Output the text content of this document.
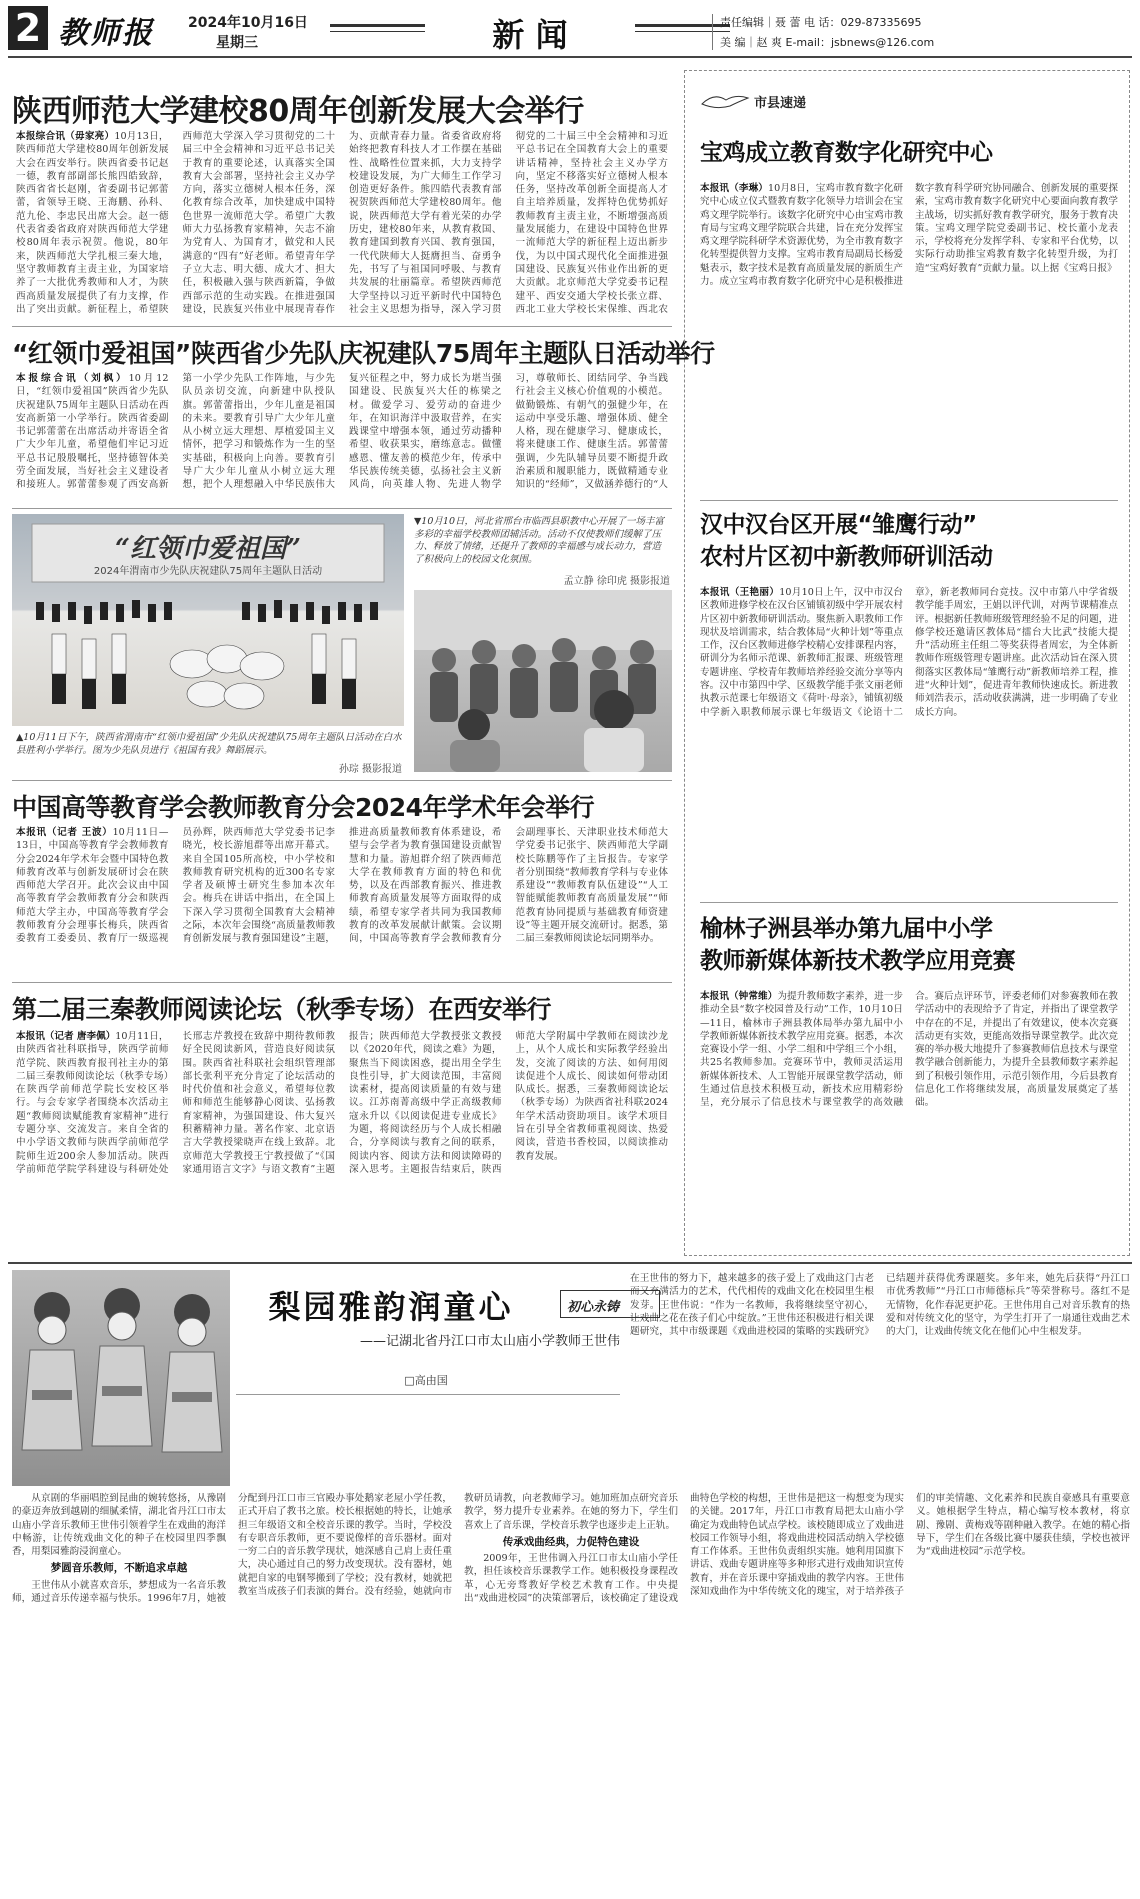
2 教师报 2024年10月16日
星期三	新 闻	责任编辑｜聂 蕾 电 话：029-87335695
美 编｜赵 爽 E-mail：jsbnews@126.com
陕西师范大学建校80周年创新发展大会举行
本报综合讯（毋家亮）10月13日，陕西师范大学建校80周年创新发展大会在西安举行。陕西省委书记赵一德，教育部副部长熊四皓致辞，陕西省省长赵刚，省委副书记郭蕾蕾，省领导王晓、王海鹏、孙科、范九伦、李忠民出席大会。赵一德代表省委省政府对陕西师范大学建校80周年表示祝贺。他说，80年来，陕西师范大学扎根三秦大地，坚守教师教育主责主业，为国家培养了一大批优秀教师和人才，为陕西高质量发展提供了有力支撑，作出了突出贡献。新征程上，希望陕西师范大学深入学习贯彻党的二十届三中全会精神和习近平总书记关于教育的重要论述，认真落实全国教育大会部署，坚持社会主义办学方向，落实立德树人根本任务，深化教育综合改革，加快建成中国特色世界一流师范大学。希望广大教师大力弘扬教育家精神，矢志不渝为党育人、为国育才，做党和人民满意的“四有”好老师。希望青年学子立大志、明大德、成大才、担大任，积极融入强与陕西新篇，争做西部示范的生动实践。在推进强国建设，民族复兴伟业中展现青春作为、贡献青春力量。省委省政府将始终把教育科技人才工作摆在基础性、战略性位置来抓，大力支持学校建设发展，为广大师生工作学习创造更好条件。熊四皓代表教育部祝贺陕西师范大学建校80周年。他说，陕西师范大学有着光荣的办学历史，建校80年来，从教育救国、教育建国到教育兴国、教育强国，一代代陕师大人挺膺担当、奋勇争先，书写了与祖国同呼吸、与教育共发展的壮丽篇章。希望陕西师范大学坚持以习近平新时代中国特色社会主义思想为指导，深入学习贯彻党的二十届三中全会精神和习近平总书记在全国教育大会上的重要讲话精神，坚持社会主义办学方向，坚定不移落实好立德树人根本任务，坚持改革创新全面提高人才自主培养质量，发挥特色优势抓好教师教育主责主业，不断增强高质量发展能力，在建设中国特色世界一流师范大学的新征程上迈出新步伐，为以中国式现代化全面推进强国建设、民族复兴伟业作出新的更大贡献。北京师范大学党委书记程建平、西安交通大学校长张立群、西北工业大学校长宋保维、西北农
“红领巾爱祖国”陕西省少先队庆祝建队75周年主题队日活动举行
本报综合讯（刘枫）10月12日，“红领巾爱祖国”陕西省少先队庆祝建队75周年主题队日活动在西安高新第一小学举行。陕西省委副书记郭蕾蕾在出席活动并寄语全省广大少年儿童，希望他们牢记习近平总书记殷殷嘱托，坚持德智体美劳全面发展，当好社会主义建设者和接班人。郭蕾蕾参观了西安高新第一小学少先队工作阵地，与少先队员亲切交流，向新建中队授队旗。郭蕾蕾指出，少年儿童是祖国的未来。要教育引导广大少年儿童从小树立远大理想、厚植爱国主义情怀，把学习和锻炼作为一生的坚实基础，积极向上向善。要教育引导广大少年儿童从小树立远大理想，把个人理想融入中华民族伟大复兴征程之中，努力成长为堪当强国建设、民族复兴大任的栋梁之材。做爱学习、爱劳动的奋进少年，在知识海洋中汲取营养，在实践课堂中增强本领，通过劳动播种希望、收获果实，磨练意志。做懂感恩、懂友善的模范少年，传承中华民族传统美德，弘扬社会主义新风尚，向英雄人物、先进人物学习，尊敬师长、团结同学、争当践行社会主义核心价值观的小模范。做勤锻炼、有朝气的强健少年，在运动中享受乐趣、增强体质、健全人格，现在健康学习、健康成长，将来健康工作、健康生活。郭蕾蕾强调，少先队辅导员要不断提升政治素质和履职能力，既做精通专业知识的“经师”，又做涵养德行的“人
“红领巾爱祖国”
2024年渭南市少先队庆祝建队75周年主题队日活动
▲10月11日下午，陕西省渭南市“红领巾爱祖国”少先队庆祝建队75周年主题队日活动在白水县胜利小学举行。图为少先队员进行《祖国有我》舞蹈展示。
孙琮 摄影报道
▼10月10日，河北省邢台市临西县职教中心开展了一场丰富多彩的幸福学校教师团辅活动。活动不仅使教师们缓解了压力、释放了情绪，还提升了教师的幸福感与成长动力，营造了积极向上的校园文化氛围。
孟立静 徐印虎 摄影报道
中国高等教育学会教师教育分会2024年学术年会举行
本报讯（记者 王波）10月11日—13日，中国高等教育学会教师教育分会2024年学术年会暨中国特色教师教育改革与创新发展研讨会在陕西师范大学召开。此次会议由中国高等教育学会教师教育分会和陕西师范大学主办，中国高等教育学会教师教育分会理事长梅兵，陕西省委教育工委委员、教育厅一级巡视员孙辉，陕西师范大学党委书记李晓光，校长游旭群等出席开幕式。来自全国105所高校，中小学校和教师教育研究机构的近300名专家学者及硕博士研究生参加本次年会。梅兵在讲话中指出，在全国上下深入学习贯彻全国教育大会精神之际，本次年会围绕“高质量教师教育创新发展与教育强国建设”主题，推进高质量教师教育体系建设，希望与会学者为教育强国建设贡献智慧和力量。游旭群介绍了陕西师范大学在教师教育方面的特色和优势，以及在西部教育振兴、推进教师教育高质量发展等方面取得的成绩，希望专家学者共同为我国教师教育的改革发展献计献策。会议期间，中国高等教育学会教师教育分会副理事长、天津职业技术师范大学党委书记张宇、陕西师范大学副校长陈鹏等作了主旨报告。专家学者分别围绕“教师教育学科与专业体系建设”“教师教育队伍建设”“人工智能赋能教师教育高质量发展”“师范教育协同提质与基础教育师资建设”等主题开展交流研讨。据悉，第二届三秦教师阅读论坛同期举办。
第二届三秦教师阅读论坛（秋季专场）在西安举行
本报讯（记者 唐李佩）10月11日，由陕西省社科联指导，陕西学前师范学院、陕西教育报刊社主办的第二届三秦教师阅读论坛（秋季专场）在陕西学前师范学院长安校区举行。与会专家学者围绕本次活动主题“教师阅读赋能教育家精神”进行专题分享、交流发言。来自全省的中小学语文教师与陕西学前师范学院师生近200余人参加活动。陕西学前师范学院学科建设与科研处处长邢志芹教授在致辞中期待教师教好全民阅读新风，营造良好阅读氛围。陕西省社科联社会组织管理部部长张利平充分肯定了论坛活动的时代价值和社会意义，希望每位教师和师范生能够静心阅读、弘扬教育家精神，为强国建设、伟大复兴积蓄精神力量。著名作家、北京语言大学教授梁晓声在线上致辞。北京师范大学教授王宁教授做了“《国家通用语言文字》与语文教育”主题报告；陕西师范大学教授张文教授以《2020年代，阅读之难》为题，聚焦当下阅读困惑，提出用全学生良性引导，扩大阅读范围，丰富阅读素材，提高阅读质量的有效与建议。江苏南菁高级中学正高级教师寇永升以《以阅读促进专业成长》为题，将阅读经历与个人成长相融合，分享阅读与教育之间的联系，阅读内容、阅读方法和阅读障碍的深入思考。主题报告结束后，陕西师范大学附属中学教师在阅读沙龙上，从个人成长和实际教学经验出发，交流了阅读的方法、如何用阅读促进个人成长、阅读如何带动团队成长。据悉，三秦教师阅读论坛（秋季专场）为陕西省社科联2024年学术活动资助项目。该学术项目旨在引导全省教师重视阅读、热爱阅读，营造书香校园，以阅读推动教育发展。
市县速递
宝鸡成立教育数字化研究中心
本报讯（李琳）10月8日，宝鸡市教育数字化研究中心成立仪式暨教育数字化领导力培训会在宝鸡文理学院举行。该数字化研究中心由宝鸡市教育局与宝鸡文理学院联合共建，旨在充分发挥宝鸡文理学院科研学术资源优势，为全市教育数字化转型提供智力支撑。宝鸡市教育局副局长杨爱魁表示，数字技术是教育高质量发展的新质生产力。成立宝鸡市教育数字化研究中心是积极推进数字教育科学研究协同融合、创新发展的重要探索，宝鸡市教育数字化研究中心要面向教育教学主战场，切实抓好教育教学研究，服务于教育决策。宝鸡文理学院党委副书记、校长董小龙表示，学校将充分发挥学科、专家和平台优势，以实际行动助推宝鸡教育数字化转型升级，为打造“宝鸡好教育”贡献力量。以上据《宝鸡日报》
汉中汉台区开展“雏鹰行动”
农村片区初中新教师研训活动
本报讯（王艳丽）10月10日上午，汉中市汉台区教师进修学校在汉台区铺镇初级中学开展农村片区初中新教师研训活动。聚焦新入职教师工作现状及培训需求，结合教体局“火种计划”等重点工作，汉台区教师进修学校精心安排课程内容，研训分为名师示范课、新教师汇报课、班级管理专题讲座、学校青年教师培养经验交流分享等内容。汉中市第四中学、区级教学能手张文丽老师执教示范课七年级语文《荷叶·母亲》，铺镇初级中学新入职教师展示课七年级语文《论语十二章》，新老教师同台竞技。汉中市第八中学省级教学能手周宏，王娟以评代训，对两节课精准点评。根据新任教师班级管理经验不足的问题，进修学校还邀请区教体局“擂台大比武”技能大提升“活动班主任组二等奖获得者周宏，为全体新教师作班级管理专题讲座。此次活动旨在深入贯彻落实区教体局“雏鹰行动”新教师培养工程，推进“火种计划”，促进青年教师快速成长。新进教师刘浩表示，活动收获满满，进一步明确了专业成长方向。
榆林子洲县举办第九届中小学
教师新媒体新技术教学应用竞赛
本报讯（钟常维）为提升教师数字素养，进一步推动全县“数字校园普及行动”工作，10月10日—11日，榆林市子洲县教体局举办第九届中小学教师新媒体新技术教学应用竞赛。据悉，本次竞赛设小学一组、小学二组和中学组三个小组，共25名教师参加。竞赛环节中，教师灵活运用新媒体新技术、人工智能开展课堂教学活动，师生通过信息技术积极互动，新技术应用精彩纷呈，充分展示了信息技术与课堂教学的高效融合。赛后点评环节，评委老师们对参赛教师在教学活动中的表现给予了肯定，并指出了课堂教学中存在的不足，并提出了有效建议，使本次竞赛活动更有实效，更能高效指导课堂教学。此次竞赛的举办极大地提升了参赛教师信息技术与课堂教学融合创新能力，为提升全县教师数字素养起到了积极引领作用，示范引领作用，今后县教育信息化工作将继续发展，高质量发展奠定了基础。
初心永铸
梨园雅韵润童心
——记湖北省丹江口市太山庙小学教师王世伟
□高由国
在王世伟的努力下，越来越多的孩子爱上了戏曲这门古老而又充满活力的艺术，代代相传的戏曲文化在校园里生根发芽。王世伟说：“作为一名教师，我将继续坚守初心，让戏曲之花在孩子们心中绽放。”王世伟还积极进行相关课题研究，其中市级课题《戏曲进校园的策略的实践研究》已结题并获得优秀课题奖。多年来，她先后获得“丹江口市优秀教师”“丹江口市师德标兵”等荣誉称号。落红不是无情物，化作春泥更护花。王世伟用自己对音乐教育的热爱和对传统文化的坚守，为学生打开了一扇通往戏曲艺术的大门，让戏曲传统文化在他们心中生根发芽。

从京剧的华丽唱腔到昆曲的婉转悠扬，从豫剧的豪迈奔放到越剧的细腻柔情，湖北省丹江口市太山庙小学音乐教师王世伟引领着学生在戏曲的海洋中畅游，让传统戏曲文化的种子在校园里四季飘香，用梨园雅韵浸润童心。

梦圆音乐教师，不断追求卓越

王世伟从小就喜欢音乐，梦想成为一名音乐教师，通过音乐传递幸福与快乐。1996年7月，她被分配到丹江口市三官殿办事处鹅家老屋小学任教，正式开启了教书之旅。校长根据她的特长，让她承担三年级语文和全校音乐课的教学。当时，学校没有专职音乐教师，更不要说像样的音乐器材。面对一穷二白的音乐教学现状，她深感自己肩上责任重大，决心通过自己的努力改变现状。没有器材，她就把自家的电钢琴搬到了学校；没有教材，她就把教室当成孩子们表演的舞台。没有经验，她就向市教研员请教，向老教师学习。她加班加点研究音乐教学，努力提升专业素养。在她的努力下，学生们喜欢上了音乐课，学校音乐教学也逐步走上正轨。

传承戏曲经典，力促特色建设

2009年，王世伟调入丹江口市太山庙小学任教，担任该校音乐课教学工作。她积极投身课程改革，心无旁骛教好学校艺术教育工作。中央提出“戏曲进校园”的决策部署后，该校确定了建设戏曲特色学校的构想，王世伟是把这一构想变为现实的关键。2017年，丹江口市教育局把太山庙小学确定为戏曲特色试点学校。该校随即成立了戏曲进校园工作领导小组，将戏曲进校园活动纳入学校德育工作体系。王世伟负责组织实施。她利用国旗下讲话、戏曲专题讲座等多种形式进行戏曲知识宣传教育，并在音乐课中穿插戏曲的教学内容。王世伟深知戏曲作为中华传统文化的瑰宝，对于培养孩子们的审美情趣、文化素养和民族自豪感具有重要意义。她根据学生特点，精心编写校本教材，将京剧、豫剧、黄梅戏等剧种融入教学。在她的精心指导下，学生们在各级比赛中屡获佳绩，学校也被评为“戏曲进校园”示范学校。
